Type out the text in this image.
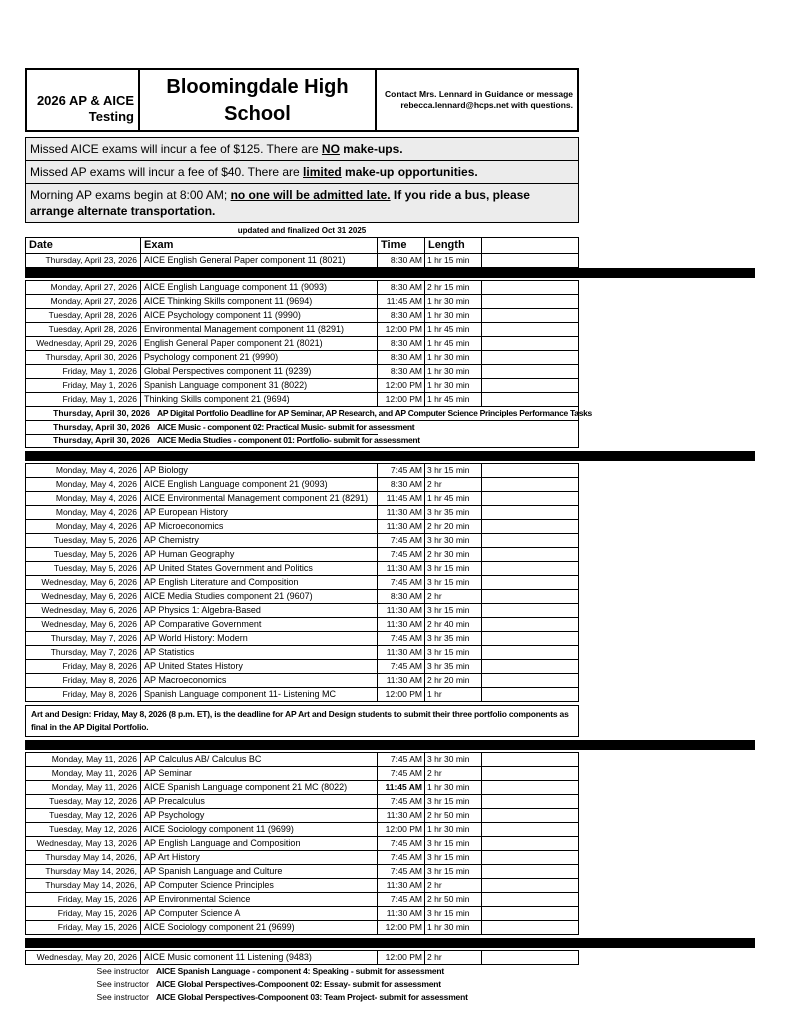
2026 AP & AICE
Testing
Bloomingdale High School
Contact Mrs. Lennard in Guidance or message
rebecca.lennard@hcps.net with questions.
Missed AICE exams will incur a fee of $125. There are NO make-ups.
Missed AP exams will incur a fee of $40. There are limited make-up opportunities.
Morning AP exams begin at 8:00 AM; no one will be admitted late. If you ride a bus, please arrange alternate transportation.
updated and finalized Oct 31 2025
Date	Exam	Time	Length
Thursday, April 23, 2026 AICE English General Paper component 11 (8021)	8:30 AM 1 hr 15 min
Monday, April 27, 2026 AICE English Language component 11 (9093)	8:30 AM 2 hr 15 min
Monday, April 27, 2026 AICE Thinking Skills component 11 (9694)	11:45 AM 1 hr 30 min
Tuesday, April 28, 2026 AICE Psychology component 11 (9990)	8:30 AM 1 hr 30 min
Tuesday, April 28, 2026 Environmental Management component 11 (8291)	12:00 PM 1 hr 45 min
Wednesday, April 29, 2026 English General Paper component 21 (8021)	8:30 AM 1 hr 45 min
Thursday, April 30, 2026 Psychology component 21 (9990)	8:30 AM 1 hr 30 min
Friday, May 1, 2026 Global Perspectives component 11 (9239)	8:30 AM 1 hr 30 min
Friday, May 1, 2026 Spanish Language component 31 (8022)	12:00 PM 1 hr 30 min
Friday, May 1, 2026 Thinking Skills component 21 (9694)	12:00 PM 1 hr 45 min
Thursday, April 30, 2026 AP Digital Portfolio Deadline for AP Seminar, AP Research, and AP Computer Science Principles Performance Tasks
Thursday, April 30, 2026 AICE Music - component 02: Practical Music- submit for assessment
Thursday, April 30, 2026 AICE Media Studies - component 01: Portfolio- submit for assessment
Monday, May 4, 2026 AP Biology	7:45 AM 3 hr 15 min
Monday, May 4, 2026 AICE English Language component 21 (9093)	8:30 AM 2 hr
Monday, May 4, 2026 AICE Environmental Management component 21 (8291)	11:45 AM 1 hr 45 min
Monday, May 4, 2026 AP European History	11:30 AM 3 hr 35 min
Monday, May 4, 2026 AP Microeconomics	11:30 AM 2 hr 20 min
Tuesday, May 5, 2026 AP Chemistry	7:45 AM 3 hr 30 min
Tuesday, May 5, 2026 AP Human Geography	7:45 AM 2 hr 30 min
Tuesday, May 5, 2026 AP United States Government and Politics	11:30 AM 3 hr 15 min
Wednesday, May 6, 2026 AP English Literature and Composition	7:45 AM 3 hr 15 min
Wednesday, May 6, 2026 AICE Media Studies component 21 (9607)	8:30 AM 2 hr
Wednesday, May 6, 2026 AP Physics 1: Algebra-Based	11:30 AM 3 hr 15 min
Wednesday, May 6, 2026 AP Comparative Government	11:30 AM 2 hr 40 min
Thursday, May 7, 2026 AP World History: Modern	7:45 AM 3 hr 35 min
Thursday, May 7, 2026 AP Statistics	11:30 AM 3 hr 15 min
Friday, May 8, 2026 AP United States History	7:45 AM 3 hr 35 min
Friday, May 8, 2026 AP Macroeconomics	11:30 AM 2 hr 20 min
Friday, May 8, 2026 Spanish Language component 11- Listening MC	12:00 PM 1 hr
Art and Design: Friday, May 8, 2026 (8 p.m. ET), is the deadline for AP Art and Design students to submit their three portfolio components as final in the AP Digital Portfolio.
Monday, May 11, 2026 AP Calculus AB/ Calculus BC	7:45 AM 3 hr 30 min
Monday, May 11, 2026 AP Seminar	7:45 AM 2 hr
Monday, May 11, 2026 AICE Spanish Language component 21 MC (8022)	11:45 AM 1 hr 30 min
Tuesday, May 12, 2026 AP Precalculus	7:45 AM 3 hr 15 min
Tuesday, May 12, 2026 AP Psychology	11:30 AM 2 hr 50 min
Tuesday, May 12, 2026 AICE Sociology component 11 (9699)	12:00 PM 1 hr 30 min
Wednesday, May 13, 2026 AP English Language and Composition	7:45 AM 3 hr 15 min
Thursday May 14, 2026, AP Art History	7:45 AM 3 hr 15 min
Thursday May 14, 2026, AP Spanish Language and Culture	7:45 AM 3 hr 15 min
Thursday May 14, 2026, AP Computer Science Principles	11:30 AM 2 hr
Friday, May 15, 2026 AP Environmental Science	7:45 AM 2 hr 50 min
Friday, May 15, 2026 AP Computer Science A	11:30 AM 3 hr 15 min
Friday, May 15, 2026 AICE Sociology component 21 (9699)	12:00 PM 1 hr 30 min
Wednesday, May 20, 2026 AICE Music comonent 11 Listening (9483)	12:00 PM 2 hr
See instructor AICE Spanish Language - component 4: Speaking - submit for assessment
See instructor AICE Global Perspectives-Compoonent 02: Essay- submit for assessment
See instructor AICE Global Perspectives-Compoonent 03: Team Project- submit for assessment
